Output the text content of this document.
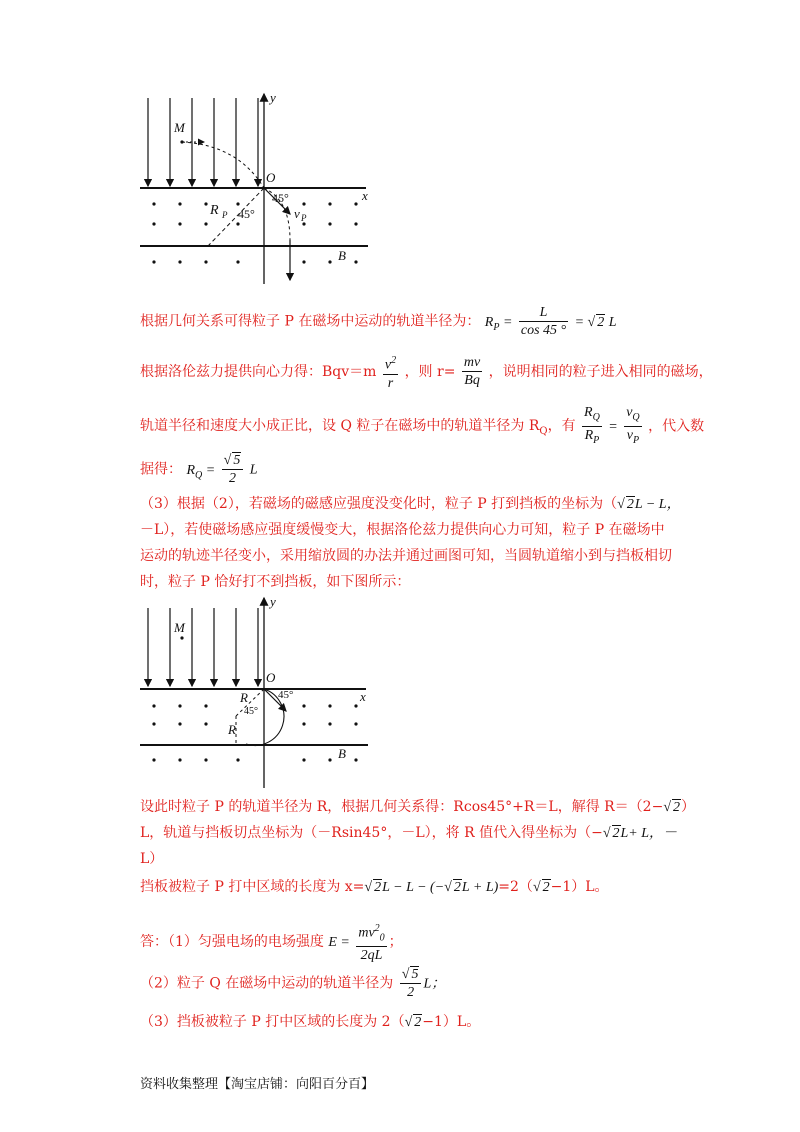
y
x
M
O
R P	v P
B
45°
45°
根据几何关系可得粒子 P 在磁场中运动的轨道半径为： $R_P = \frac{L}{\cos 45 ^\circ}$ = √ 2 L
根据洛伦兹力提供向心力得：$Bqv=m \frac{v^2}{r}$ ，则 $r= \frac{mv}{Bq}$ ，说明相同的粒子进入相同的磁场，
轨道半径和速度大小成正比，设 Q 粒子在磁场中的轨道半径为 $R_Q$，有 $\frac{R_Q}{R_P} = \frac{v_Q}{v_P}$ ，代入数
据得： $R_Q = \frac{√ 5}{2}$ L
（3）根据（2），若磁场的磁感应强度没变化时，粒子 P 打到挡板的坐标为（√ 2L − L，
－L），若使磁场感应强度缓慢变大，根据洛伦兹力提供向心力可知，粒子 P 在磁场中
运动的轨迹半径变小，采用缩放圆的办法并通过画图可知，当圆轨道缩小到与挡板相切
时，粒子 P 恰好打不到挡板，如下图所示：
y
x
M
O
R
R
B
45°
45°
设此时粒子 P 的轨道半径为 R，根据几何关系得：Rcos45°+R＝L，解得 R＝（2−√ 2）
L，轨道与挡板切点坐标为（－Rsin45°，－L），将 R 值代入得坐标为（−√ 2L+ L，－
L）
挡板被粒子 P 打中区域的长度为 x=√ 2L − L − (−√ 2L + L)=2（√ 2−1）L。
答：（1）匀强电场的电场强度 $E = \frac{mv^2_0}{2qL}$ ；
（2）粒子 Q 在磁场中运动的轨道半径为 $\frac{√ 5}{2}$ L；
（3）挡板被粒子 P 打中区域的长度为 2（√ 2−1）L。
资料收集整理【淘宝店铺：向阳百分百】
